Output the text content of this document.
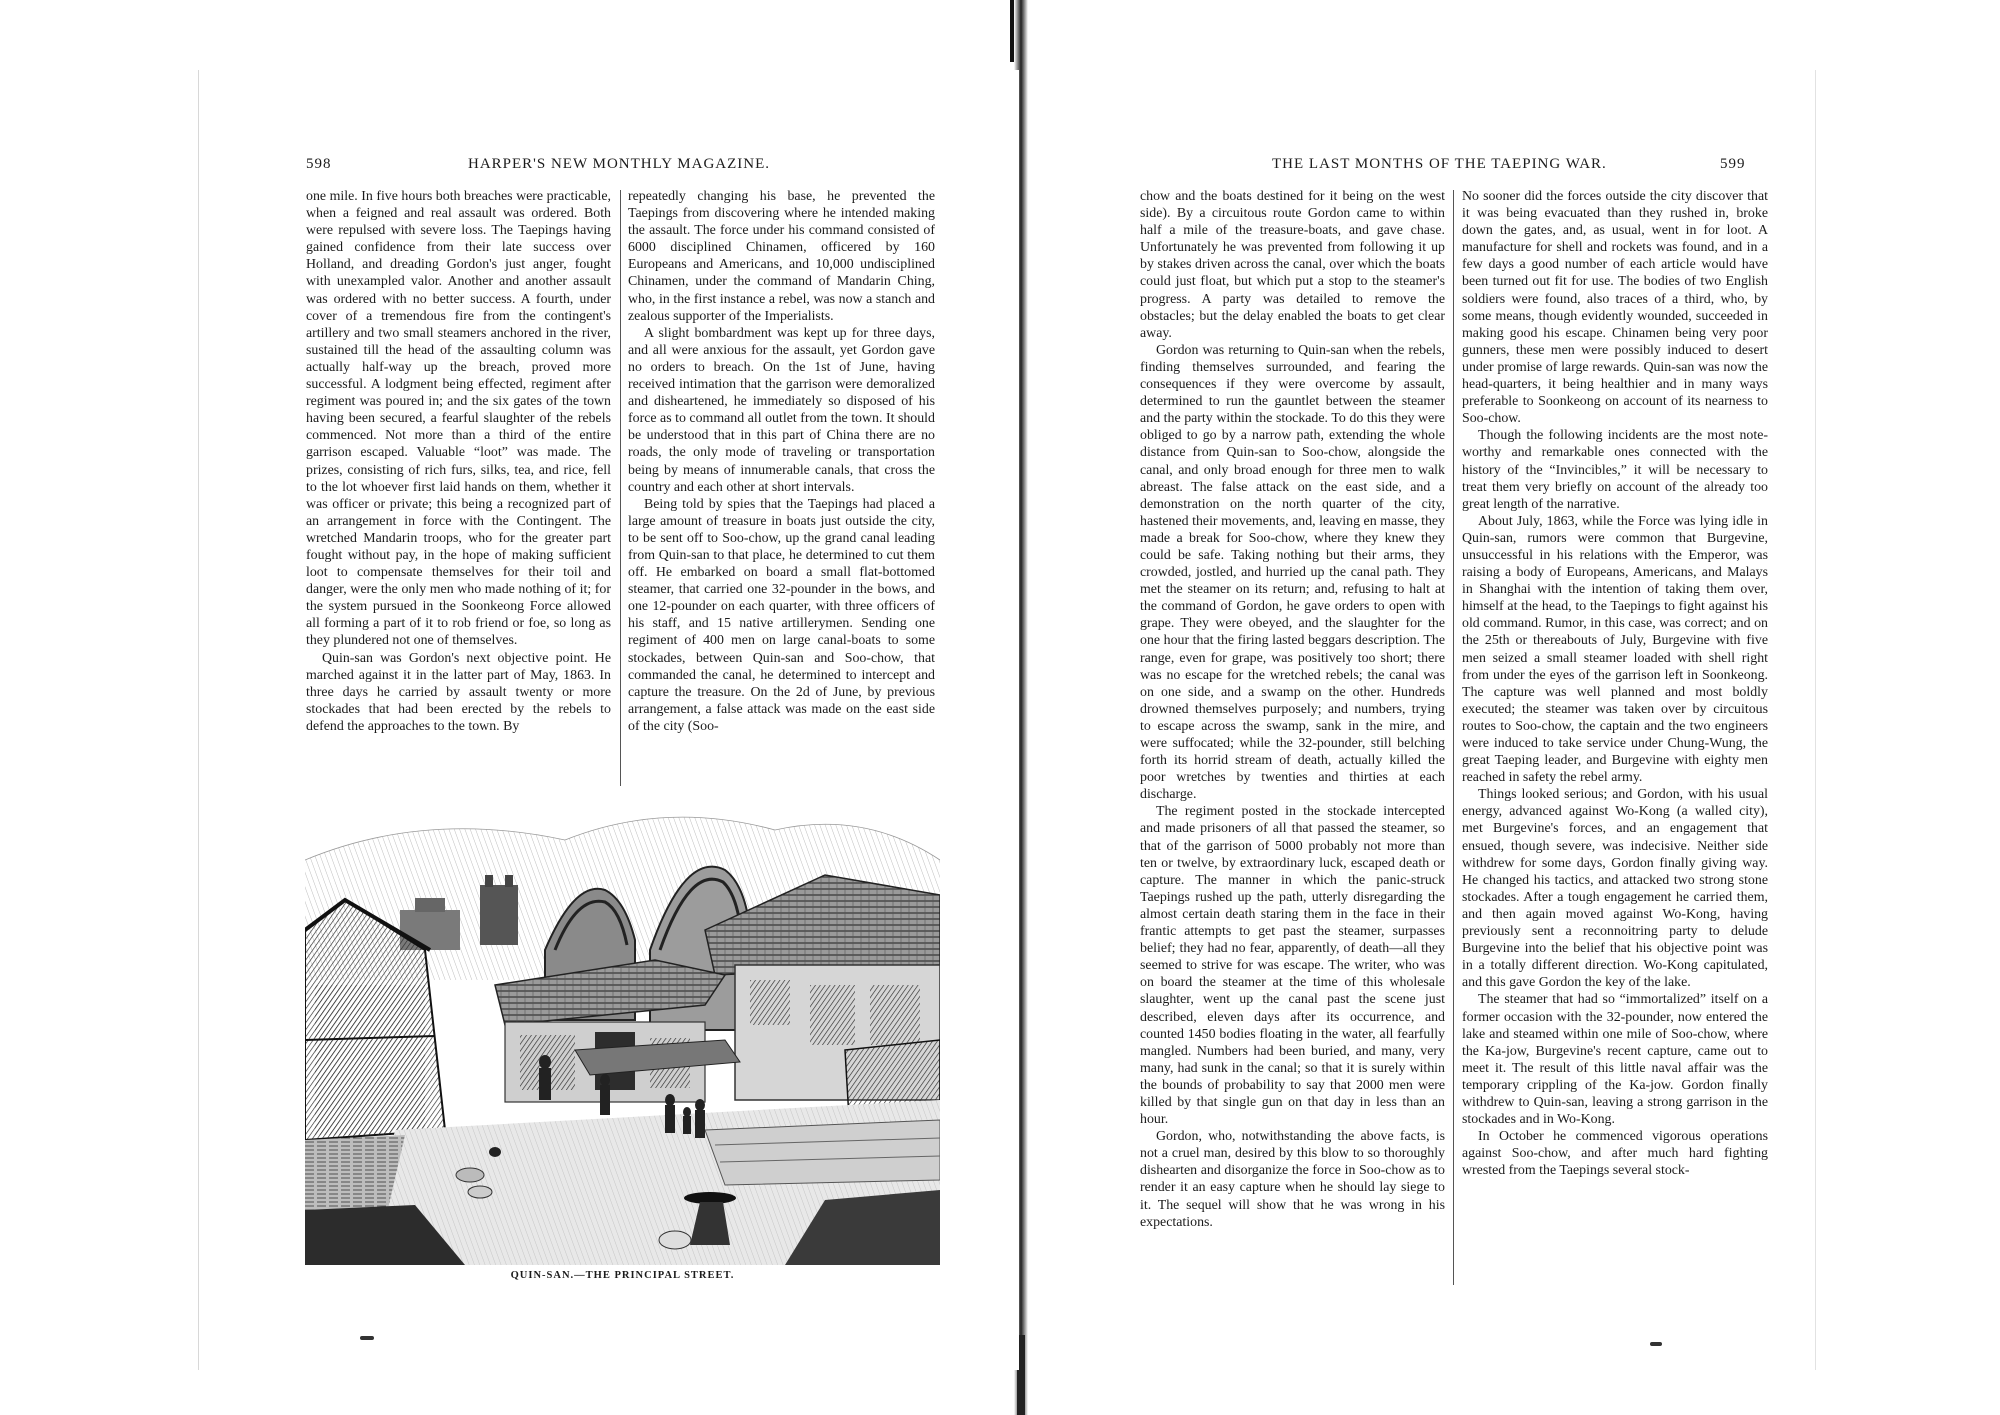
598	HARPER'S NEW MONTHLY MAGAZINE.

one mile. In five hours both breaches were practicable, when a feigned and real assault was ordered. Both were repulsed with severe loss. The Taepings having gained confidence from their late success over Holland, and dreading Gordon's just anger, fought with unexampled valor. Another and another assault was ordered with no better success. A fourth, under cover of a tremendous fire from the contingent's artillery and two small steamers anchored in the river, sustained till the head of the assaulting column was actually half-way up the breach, proved more successful. A lodgment being effected, regiment after regiment was poured in; and the six gates of the town having been secured, a fearful slaughter of the rebels commenced. Not more than a third of the entire garrison escaped. Valuable “loot” was made. The prizes, consisting of rich furs, silks, tea, and rice, fell to the lot whoever first laid hands on them, whether it was officer or private; this being a recognized part of an arrangement in force with the Contingent. The wretched Mandarin troops, who for the greater part fought without pay, in the hope of making sufficient loot to compensate themselves for their toil and danger, were the only men who made nothing of it; for the system pursued in the Soonkeong Force allowed all forming a part of it to rob friend or foe, so long as they plundered not one of themselves.

Quin-san was Gordon's next objective point. He marched against it in the latter part of May, 1863. In three days he carried by assault twenty or more stockades that had been erected by the rebels to defend the approaches to the town. By

repeatedly changing his base, he prevented the Taepings from discovering where he intended making the assault. The force under his command consisted of 6000 disciplined Chinamen, officered by 160 Europeans and Americans, and 10,000 undisciplined Chinamen, under the command of Mandarin Ching, who, in the first instance a rebel, was now a stanch and zealous supporter of the Imperialists.

A slight bombardment was kept up for three days, and all were anxious for the assault, yet Gordon gave no orders to breach. On the 1st of June, having received intimation that the garrison were demoralized and disheartened, he immediately so disposed of his force as to command all outlet from the town. It should be understood that in this part of China there are no roads, the only mode of traveling or transportation being by means of innumerable canals, that cross the country and each other at short intervals.

Being told by spies that the Taepings had placed a large amount of treasure in boats just outside the city, to be sent off to Soo-chow, up the grand canal leading from Quin-san to that place, he determined to cut them off. He embarked on board a small flat-bottomed steamer, that carried one 32-pounder in the bows, and one 12-pounder on each quarter, with three officers of his staff, and 15 native artillerymen. Sending one regiment of 400 men on large canal-boats to some stockades, between Quin-san and Soo-chow, that commanded the canal, he determined to intercept and capture the treasure. On the 2d of June, by previous arrangement, a false attack was made on the east side of the city (Soo-

QUIN-SAN.—THE PRINCIPAL STREET.
THE LAST MONTHS OF THE TAEPING WAR.	599

chow and the boats destined for it being on the west side). By a circuitous route Gordon came to within half a mile of the treasure-boats, and gave chase. Unfortunately he was prevented from following it up by stakes driven across the canal, over which the boats could just float, but which put a stop to the steamer's progress. A party was detailed to remove the obstacles; but the delay enabled the boats to get clear away.

Gordon was returning to Quin-san when the rebels, finding themselves surrounded, and fearing the consequences if they were overcome by assault, determined to run the gauntlet between the steamer and the party within the stockade. To do this they were obliged to go by a narrow path, extending the whole distance from Quin-san to Soo-chow, alongside the canal, and only broad enough for three men to walk abreast. The false attack on the east side, and a demonstration on the north quarter of the city, hastened their movements, and, leaving en masse, they made a break for Soo-chow, where they knew they could be safe. Taking nothing but their arms, they crowded, jostled, and hurried up the canal path. They met the steamer on its return; and, refusing to halt at the command of Gordon, he gave orders to open with grape. They were obeyed, and the slaughter for the one hour that the firing lasted beggars description. The range, even for grape, was positively too short; there was no escape for the wretched rebels; the canal was on one side, and a swamp on the other. Hundreds drowned themselves purposely; and numbers, trying to escape across the swamp, sank in the mire, and were suffocated; while the 32-pounder, still belching forth its horrid stream of death, actually killed the poor wretches by twenties and thirties at each discharge.

The regiment posted in the stockade intercepted and made prisoners of all that passed the steamer, so that of the garrison of 5000 probably not more than ten or twelve, by extraordinary luck, escaped death or capture. The manner in which the panic-struck Taepings rushed up the path, utterly disregarding the almost certain death staring them in the face in their frantic attempts to get past the steamer, surpasses belief; they had no fear, apparently, of death—all they seemed to strive for was escape. The writer, who was on board the steamer at the time of this wholesale slaughter, went up the canal past the scene just described, eleven days after its occurrence, and counted 1450 bodies floating in the water, all fearfully mangled. Numbers had been buried, and many, very many, had sunk in the canal; so that it is surely within the bounds of probability to say that 2000 men were killed by that single gun on that day in less than an hour.

Gordon, who, notwithstanding the above facts, is not a cruel man, desired by this blow to so thoroughly dishearten and disorganize the force in Soo-chow as to render it an easy capture when he should lay siege to it. The sequel will show that he was wrong in his expectations.

No sooner did the forces outside the city discover that it was being evacuated than they rushed in, broke down the gates, and, as usual, went in for loot. A manufacture for shell and rockets was found, and in a few days a good number of each article would have been turned out fit for use. The bodies of two English soldiers were found, also traces of a third, who, by some means, though evidently wounded, succeeded in making good his escape. Chinamen being very poor gunners, these men were possibly induced to desert under promise of large rewards. Quin-san was now the head-quarters, it being healthier and in many ways preferable to Soonkeong on account of its nearness to Soo-chow.

Though the following incidents are the most note-worthy and remarkable ones connected with the history of the “Invincibles,” it will be necessary to treat them very briefly on account of the already too great length of the narrative.

About July, 1863, while the Force was lying idle in Quin-san, rumors were common that Burgevine, unsuccessful in his relations with the Emperor, was raising a body of Europeans, Americans, and Malays in Shanghai with the intention of taking them over, himself at the head, to the Taepings to fight against his old command. Rumor, in this case, was correct; and on the 25th or thereabouts of July, Burgevine with five men seized a small steamer loaded with shell right from under the eyes of the garrison left in Soonkeong. The capture was well planned and most boldly executed; the steamer was taken over by circuitous routes to Soo-chow, the captain and the two engineers were induced to take service under Chung-Wung, the great Taeping leader, and Burgevine with eighty men reached in safety the rebel army.

Things looked serious; and Gordon, with his usual energy, advanced against Wo-Kong (a walled city), met Burgevine's forces, and an engagement that ensued, though severe, was indecisive. Neither side withdrew for some days, Gordon finally giving way. He changed his tactics, and attacked two strong stone stockades. After a tough engagement he carried them, and then again moved against Wo-Kong, having previously sent a reconnoitring party to delude Burgevine into the belief that his objective point was in a totally different direction. Wo-Kong capitulated, and this gave Gordon the key of the lake.

The steamer that had so “immortalized” itself on a former occasion with the 32-pounder, now entered the lake and steamed within one mile of Soo-chow, where the Ka-jow, Burgevine's recent capture, came out to meet it. The result of this little naval affair was the temporary crippling of the Ka-jow. Gordon finally withdrew to Quin-san, leaving a strong garrison in the stockades and in Wo-Kong.

In October he commenced vigorous operations against Soo-chow, and after much hard fighting wrested from the Taepings several stock-
